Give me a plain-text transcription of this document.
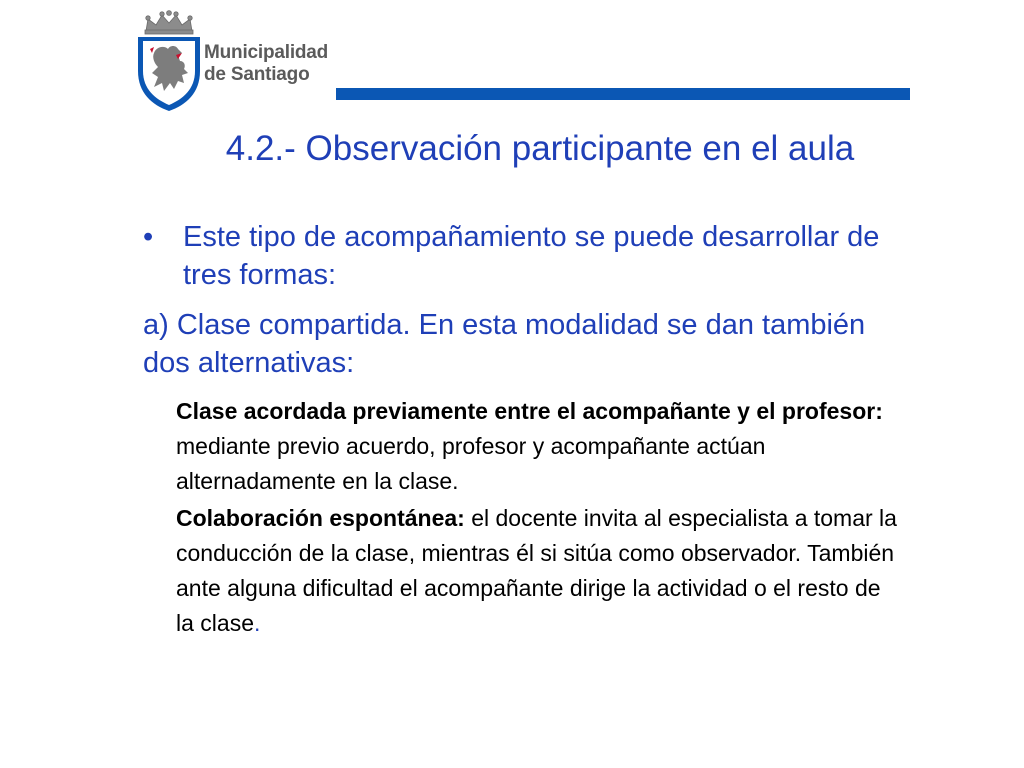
Municipalidad
de Santiago
4.2.- Observación participante en el aula
• Este tipo de acompañamiento se puede desarrollar de tres formas:
a) Clase compartida. En esta modalidad se dan también dos alternativas:
Clase acordada previamente entre el acompañante y el profesor: mediante previo acuerdo, profesor y acompañante actúan alternadamente en la clase.
Colaboración espontánea: el docente invita al especialista a tomar la conducción de la clase, mientras él si sitúa como observador. También ante alguna dificultad el acompañante dirige la actividad o el resto de la clase.
